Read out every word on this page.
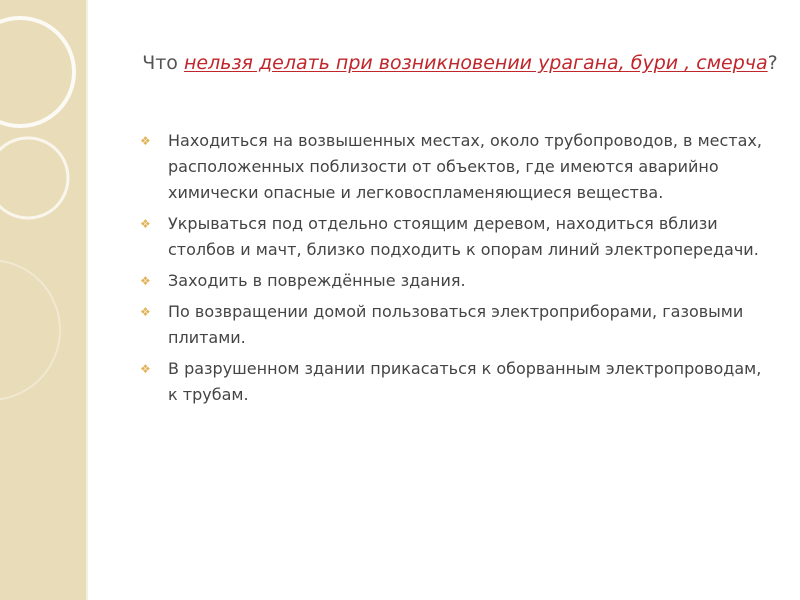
Что нельзя делать при возникновении урагана, бури , смерча?
❖ Находиться на возвышенных местах, около трубопроводов, в местах, расположенных поблизости от объектов, где имеются аварийно химически опасные и легковоспламеняющиеся вещества.
❖ Укрываться под отдельно стоящим деревом, находиться вблизи столбов и мачт, близко подходить к опорам линий электропередачи.
❖ Заходить в повреждённые здания.
❖ По возвращении домой пользоваться электроприборами, газовыми плитами.
❖ В разрушенном здании прикасаться к оборванным электропроводам, к трубам.
